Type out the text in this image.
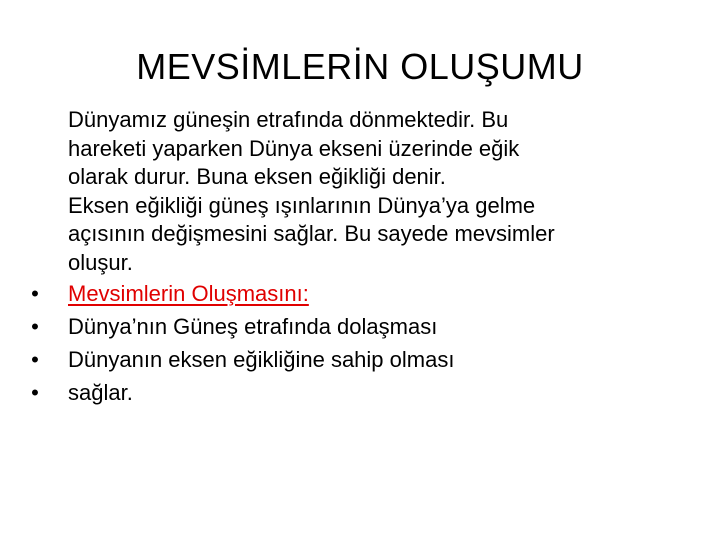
MEVSİMLERİN OLUŞUMU

Dünyamız güneşin etrafında dönmektedir. Bu
hareketi yaparken Dünya ekseni üzerinde eğik
olarak durur. Buna eksen eğikliği denir.
Eksen eğikliği güneş ışınlarının Dünya’ya gelme
açısının değişmesini sağlar. Bu sayede mevsimler
oluşur.

• Mevsimlerin Oluşmasını:
• Dünya’nın Güneş etrafında dolaşması
• Dünyanın eksen eğikliğine sahip olması
• sağlar.
